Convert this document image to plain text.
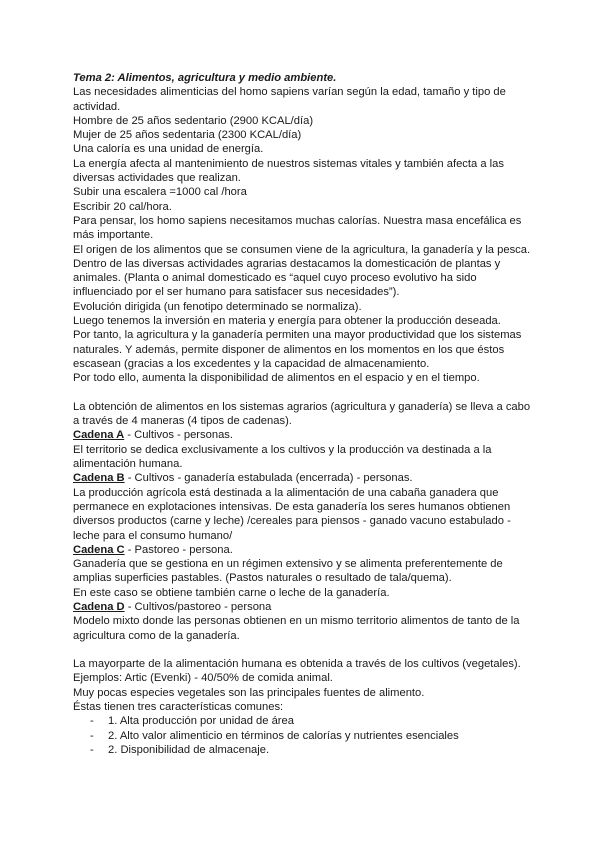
Tema 2: Alimentos, agricultura y medio ambiente.
Las necesidades alimenticias del homo sapiens varían según la edad, tamaño y tipo de
actividad.
Hombre de 25 años sedentario (2900 KCAL/día)
Mujer de 25 años sedentaria (2300 KCAL/día)
Una caloría es una unidad de energía.
La energía afecta al mantenimiento de nuestros sistemas vitales y también afecta a las
diversas actividades que realizan.
Subir una escalera =1000 cal /hora
Escribir 20 cal/hora.
Para pensar, los homo sapiens necesitamos muchas calorías. Nuestra masa encefálica es
más importante.
El origen de los alimentos que se consumen viene de la agricultura, la ganadería y la pesca.
Dentro de las diversas actividades agrarias destacamos la domesticación de plantas y
animales. (Planta o animal domesticado es “aquel cuyo proceso evolutivo ha sido
influenciado por el ser humano para satisfacer sus necesidades”).
Evolución dirigida (un fenotipo determinado se normaliza).
Luego tenemos la inversión en materia y energía para obtener la producción deseada.
Por tanto, la agricultura y la ganadería permiten una mayor productividad que los sistemas
naturales. Y además, permite disponer de alimentos en los momentos en los que éstos
escasean (gracias a los excedentes y la capacidad de almacenamiento.
Por todo ello, aumenta la disponibilidad de alimentos en el espacio y en el tiempo.
La obtención de alimentos en los sistemas agrarios (agricultura y ganadería) se lleva a cabo
a través de 4 maneras (4 tipos de cadenas).
Cadena A - Cultivos - personas.
El territorio se dedica exclusivamente a los cultivos y la producción va destinada a la
alimentación humana.
Cadena B - Cultivos - ganadería estabulada (encerrada) - personas.
La producción agrícola está destinada a la alimentación de una cabaña ganadera que
permanece en explotaciones intensivas. De esta ganadería los seres humanos obtienen
diversos productos (carne y leche) /cereales para piensos - ganado vacuno estabulado -
leche para el consumo humano/
Cadena C - Pastoreo - persona.
Ganadería que se gestiona en un régimen extensivo y se alimenta preferentemente de
amplias superficies pastables. (Pastos naturales o resultado de tala/quema).
En este caso se obtiene también carne o leche de la ganadería.
Cadena D - Cultivos/pastoreo - persona
Modelo mixto donde las personas obtienen en un mismo territorio alimentos de tanto de la
agricultura como de la ganadería.
La mayorparte de la alimentación humana es obtenida a través de los cultivos (vegetales).
Ejemplos: Artic (Evenki) - 40/50% de comida animal.
Muy pocas especies vegetales son las principales fuentes de alimento.
Éstas tienen tres características comunes:
- 1. Alta producción por unidad de área
- 2. Alto valor alimenticio en términos de calorías y nutrientes esenciales
- 2. Disponibilidad de almacenaje.
